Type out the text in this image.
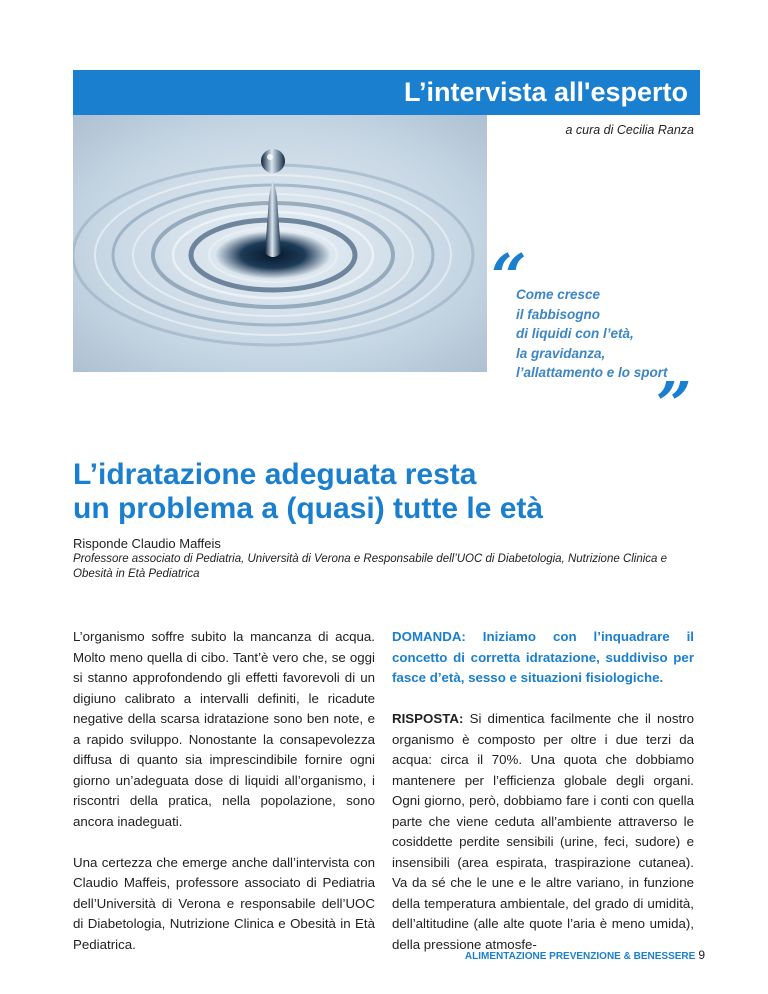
L’intervista all'esperto
a cura di Cecilia Ranza
“
Come cresce
il fabbisogno
di liquidi con l’età,
la gravidanza,
l’allattamento e lo sport
”
L’idratazione adeguata resta
un problema a (quasi) tutte le età
Risponde Claudio Maffeis
Professore associato di Pediatria, Università di Verona e Responsabile dell’UOC di Diabetologia, Nutrizione Clinica e Obesità in Età Pediatrica

L’organismo soffre subito la mancanza di acqua. Molto meno quella di cibo. Tant’è vero che, se oggi si stanno approfondendo gli effetti favorevoli di un digiuno calibrato a intervalli definiti, le ricadute negative della scarsa idratazione sono ben note, e a rapido sviluppo. Nonostante la consapevolezza diffusa di quanto sia imprescindibile fornire ogni giorno un’adeguata dose di liquidi all’organismo, i riscontri della pratica, nella popolazione, sono ancora inadeguati.

Una certezza che emerge anche dall’intervista con Claudio Maffeis, professore associato di Pediatria dell’Università di Verona e responsabile dell’UOC di Diabetologia, Nutrizione Clinica e Obesità in Età Pediatrica.

DOMANDA: Iniziamo con l’inquadrare il concetto di corretta idratazione, suddiviso per fasce d’età, sesso e situazioni fisiologiche.

RISPOSTA: Si dimentica facilmente che il nostro organismo è composto per oltre i due terzi da acqua: circa il 70%. Una quota che dobbiamo mantenere per l’efficienza globale degli organi. Ogni giorno, però, dobbiamo fare i conti con quella parte che viene ceduta all’ambiente attraverso le cosiddette perdite sensibili (urine, feci, sudore) e insensibili (area espirata, traspirazione cutanea). Va da sé che le une e le altre variano, in funzione della temperatura ambientale, del grado di umidità, dell’altitudine (alle alte quote l’aria è meno umida), della pressione atmosfe-

ALIMENTAZIONE PREVENZIONE & BENESSERE 9
